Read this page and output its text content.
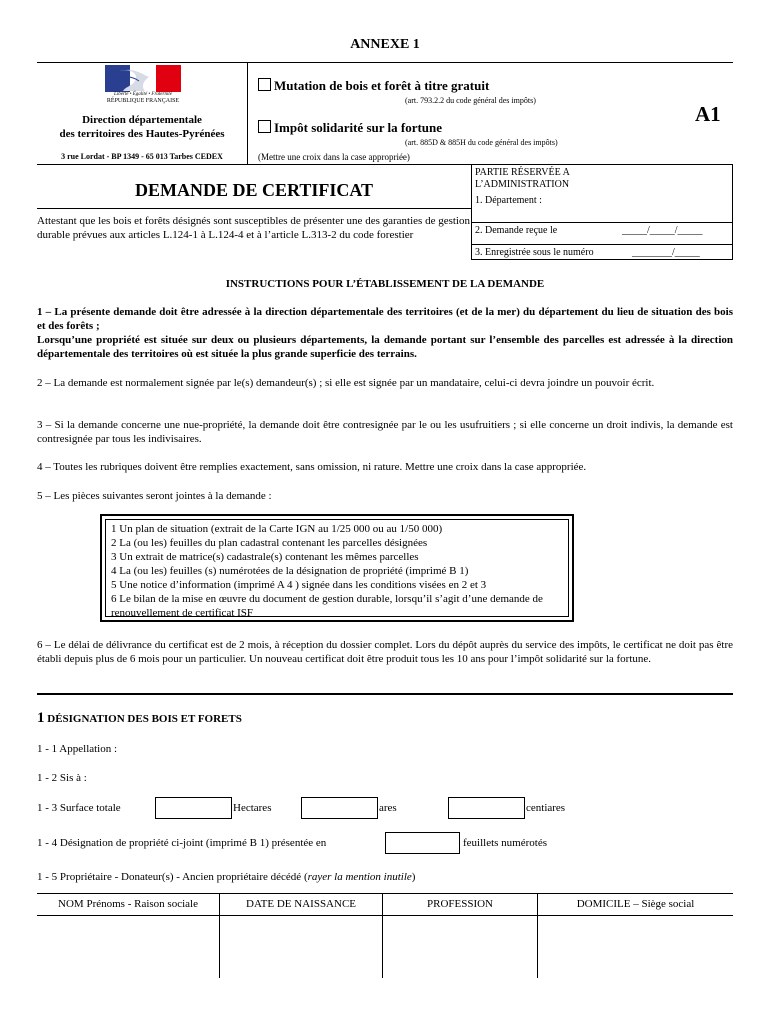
ANNEXE 1
Liberté • Égalité • Fraternité
RÉPUBLIQUE FRANÇAISE
Direction départementale
des territoires des Hautes-Pyrénées
3 rue Lordat - BP 1349 - 65 013 Tarbes CEDEX
Mutation de bois et forêt à titre gratuit
(art. 793.2.2 du code général des impôts)
Impôt solidarité sur la fortune
(art. 885D & 885H du code général des impôts)
(Mettre une croix dans la case appropriée)
A1
DEMANDE DE CERTIFICAT
Attestant que les bois et forêts désignés sont susceptibles de présenter une des garanties de gestion durable prévues aux articles L.124-1 à L.124-4 et à l’article L.313-2 du code forestier
PARTIE RÉSERVÉE A L’ADMINISTRATION
1. Département :
2. Demande reçue le	_____/_____/_____
3. Enregistrée sous le numéro	________/_____
INSTRUCTIONS POUR L’ÉTABLISSEMENT DE LA DEMANDE

1 – La présente demande doit être adressée à la direction départementale des territoires (et de la mer) du département du lieu de situation des bois et des forêts ;

Lorsqu’une propriété est située sur deux ou plusieurs départements, la demande portant sur l’ensemble des parcelles est adressée à la direction départementale des territoires où est située la plus grande superficie des terrains.

2 – La demande est normalement signée par le(s) demandeur(s) ; si elle est signée par un mandataire, celui-ci devra joindre un pouvoir écrit.

3 – Si la demande concerne une nue-propriété, la demande doit être contresignée par le ou les usufruitiers ; si elle concerne un droit indivis, la demande est contresignée par tous les indivisaires.

4 – Toutes les rubriques doivent être remplies exactement, sans omission, ni rature. Mettre une croix dans la case appropriée.

5 – Les pièces suivantes seront jointes à la demande :

1 Un plan de situation (extrait de la Carte IGN au 1/25 000 ou au 1/50 000)
2 La (ou les) feuilles du plan cadastral contenant les parcelles désignées
3 Un extrait de matrice(s) cadastrale(s) contenant les mêmes parcelles
4 La (ou les) feuilles (s) numérotées de la désignation de propriété (imprimé B 1)
5 Une notice d’information (imprimé A 4 ) signée dans les conditions visées en 2 et 3
6 Le bilan de la mise en œuvre du document de gestion durable, lorsqu’il s’agit d’une demande de renouvellement de certificat ISF

6 – Le délai de délivrance du certificat est de 2 mois, à réception du dossier complet. Lors du dépôt auprès du service des impôts, le certificat ne doit pas être établi depuis plus de 6 mois pour un particulier. Un nouveau certificat doit être produit tous les 10 ans pour l’impôt solidarité sur la fortune.

1 DÉSIGNATION DES BOIS ET FORETS
1 - 1 Appellation :
1 - 2 Sis à :
1 - 3 Surface totale	Hectares	ares	centiares
1 - 4 Désignation de propriété ci-joint (imprimé B 1) présentée en	feuillets numérotés
1 - 5 Propriétaire - Donateur(s) - Ancien propriétaire décédé (rayer la mention inutile)
NOM Prénoms - Raison sociale	DATE DE NAISSANCE	PROFESSION	DOMICILE – Siège social
